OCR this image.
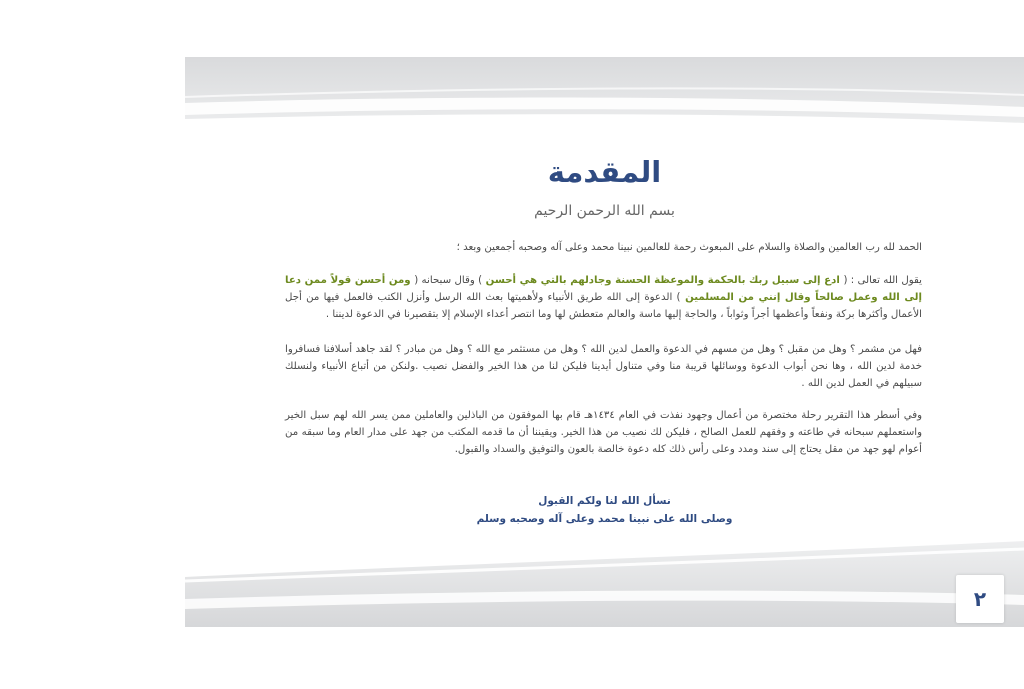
المقدمة
بسم الله الرحمن الرحيم
الحمد لله رب العالمين والصلاة والسلام على المبعوث رحمة للعالمين نبينا محمد وعلى آله وصحبه أجمعين وبعد ؛
يقول الله تعالى : ( ادع إلى سبيل ربك بالحكمة والموعظة الحسنة وجادلهم بالتي هي أحسن ) وقال سبحانه ( ومن أحسن قولاً ممن دعا إلى الله وعمل صالحاً وقال إنني من المسلمين ) الدعوة إلى الله طريق الأنبياء ولأهميتها بعث الله الرسل وأنزل الكتب فالعمل فيها من أجل الأعمال وأكثرها بركة ونفعاً وأعظمها أجراً وثواباً ، والحاجة إليها ماسة والعالم متعطش لها وما انتصر أعداء الإسلام إلا بتقصيرنا في الدعوة لديننا .
فهل من مشمر ؟ وهل من مقبل ؟ وهل من مسهم في الدعوة والعمل لدين الله ؟ وهل من مستثمر مع الله ؟ وهل من مبادر ؟ لقد جاهد أسلافنا فسافروا خدمة لدين الله ، وها نحن أبواب الدعوة ووسائلها قريبة منا وفي متناول أيدينا فليكن لنا من هذا الخير والفضل نصيب .ولنكن من أتباع الأنبياء ولنسلك سبيلهم في العمل لدين الله .
وفي أسطر هذا التقرير رحلة مختصرة من أعمال وجهود نفذت في العام ١٤٣٤هـ قام بها الموفقون من الباذلين والعاملين ممن يسر الله لهم سبل الخير واستعملهم سبحانه في طاعته و وفقهم للعمل الصالح ، فليكن لك نصيب من هذا الخير. ويقيننا أن ما قدمه المكتب من جهد على مدار العام وما سبقه من أعوام لهو جهد من مقل يحتاج إلى سند ومدد وعلى رأس ذلك كله دعوة خالصة بالعون والتوفيق والسداد والقبول.
نسأل الله لنا ولكم القبول
وصلى الله على نبينا محمد وعلى آله وصحبه وسلم
٢
